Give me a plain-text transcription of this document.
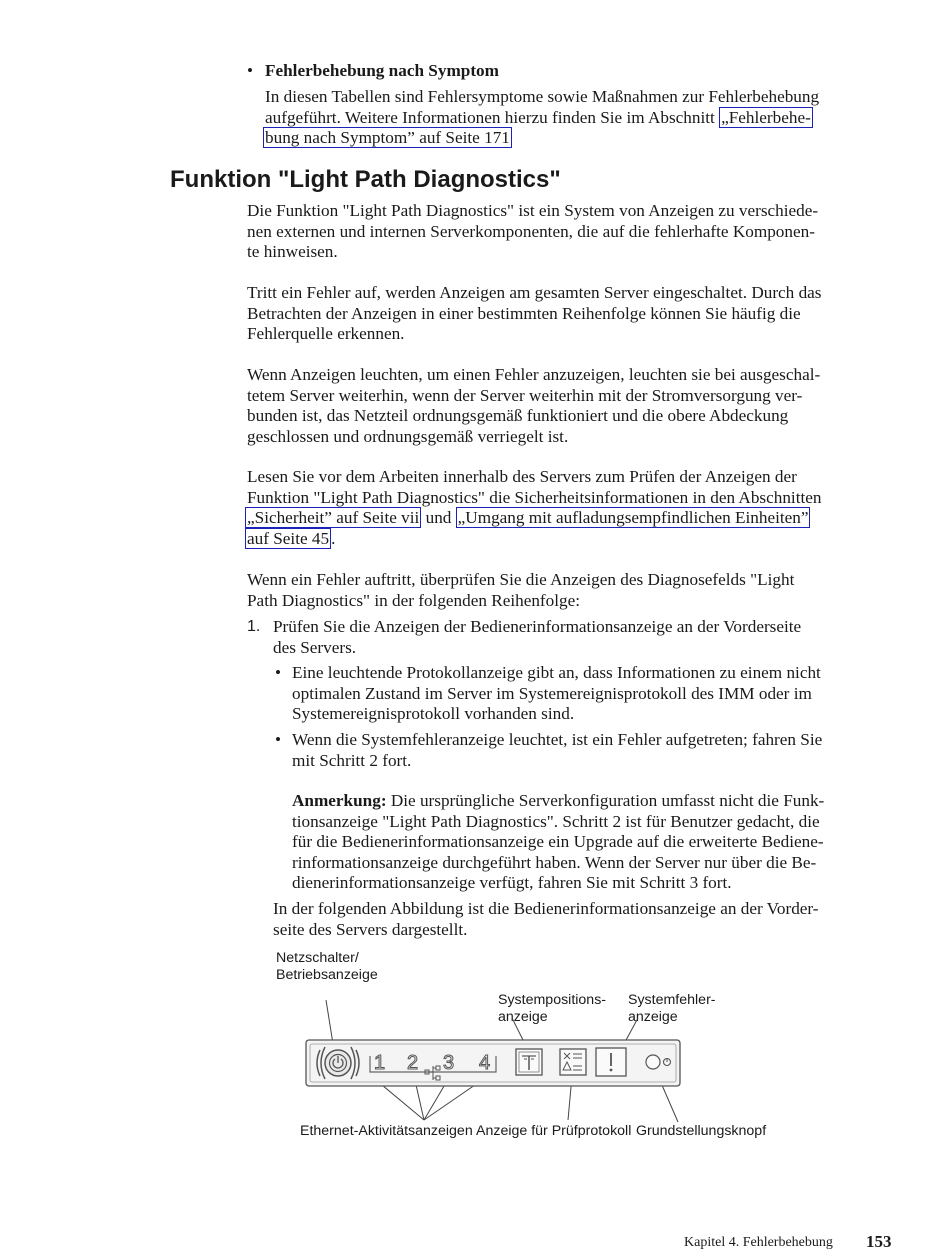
• Fehlerbehebung nach Symptom
In diesen Tabellen sind Fehlersymptome sowie Maßnahmen zur Fehlerbehebung
aufgeführt. Weitere Informationen hierzu finden Sie im Abschnitt „Fehlerbehe-
bung nach Symptom” auf Seite 171
Funktion "Light Path Diagnostics"
Die Funktion "Light Path Diagnostics" ist ein System von Anzeigen zu verschiede-
nen externen und internen Serverkomponenten, die auf die fehlerhafte Komponen-
te hinweisen.
Tritt ein Fehler auf, werden Anzeigen am gesamten Server eingeschaltet. Durch das
Betrachten der Anzeigen in einer bestimmten Reihenfolge können Sie häufig die
Fehlerquelle erkennen.
Wenn Anzeigen leuchten, um einen Fehler anzuzeigen, leuchten sie bei ausgeschal-
tetem Server weiterhin, wenn der Server weiterhin mit der Stromversorgung ver-
bunden ist, das Netzteil ordnungsgemäß funktioniert und die obere Abdeckung
geschlossen und ordnungsgemäß verriegelt ist.
Lesen Sie vor dem Arbeiten innerhalb des Servers zum Prüfen der Anzeigen der
Funktion "Light Path Diagnostics" die Sicherheitsinformationen in den Abschnitten
„Sicherheit” auf Seite vii und „Umgang mit aufladungsempfindlichen Einheiten”
auf Seite 45 .
Wenn ein Fehler auftritt, überprüfen Sie die Anzeigen des Diagnosefelds "Light
Path Diagnostics" in der folgenden Reihenfolge:
1. Prüfen Sie die Anzeigen der Bedienerinformationsanzeige an der Vorderseite
des Servers.
• Eine leuchtende Protokollanzeige gibt an, dass Informationen zu einem nicht
optimalen Zustand im Server im Systemereignisprotokoll des IMM oder im
Systemereignisprotokoll vorhanden sind.
• Wenn die Systemfehleranzeige leuchtet, ist ein Fehler aufgetreten; fahren Sie
mit Schritt 2 fort.
Anmerkung: Die ursprüngliche Serverkonfiguration umfasst nicht die Funk-
tionsanzeige "Light Path Diagnostics". Schritt 2 ist für Benutzer gedacht, die
für die Bedienerinformationsanzeige ein Upgrade auf die erweiterte Bediene-
rinformationsanzeige durchgeführt haben. Wenn der Server nur über die Be-
dienerinformationsanzeige verfügt, fahren Sie mit Schritt 3 fort.
In der folgenden Abbildung ist die Bedienerinformationsanzeige an der Vorder-
seite des Servers dargestellt.
Netzschalter/
Betriebsanzeige
Systempositions-
anzeige
Systemfehler-
anzeige
Ethernet-Aktivitätsanzeigen Anzeige für Prüfprotokoll Grundstellungsknopf
1 2 3 4
Kapitel 4. Fehlerbehebung 153
